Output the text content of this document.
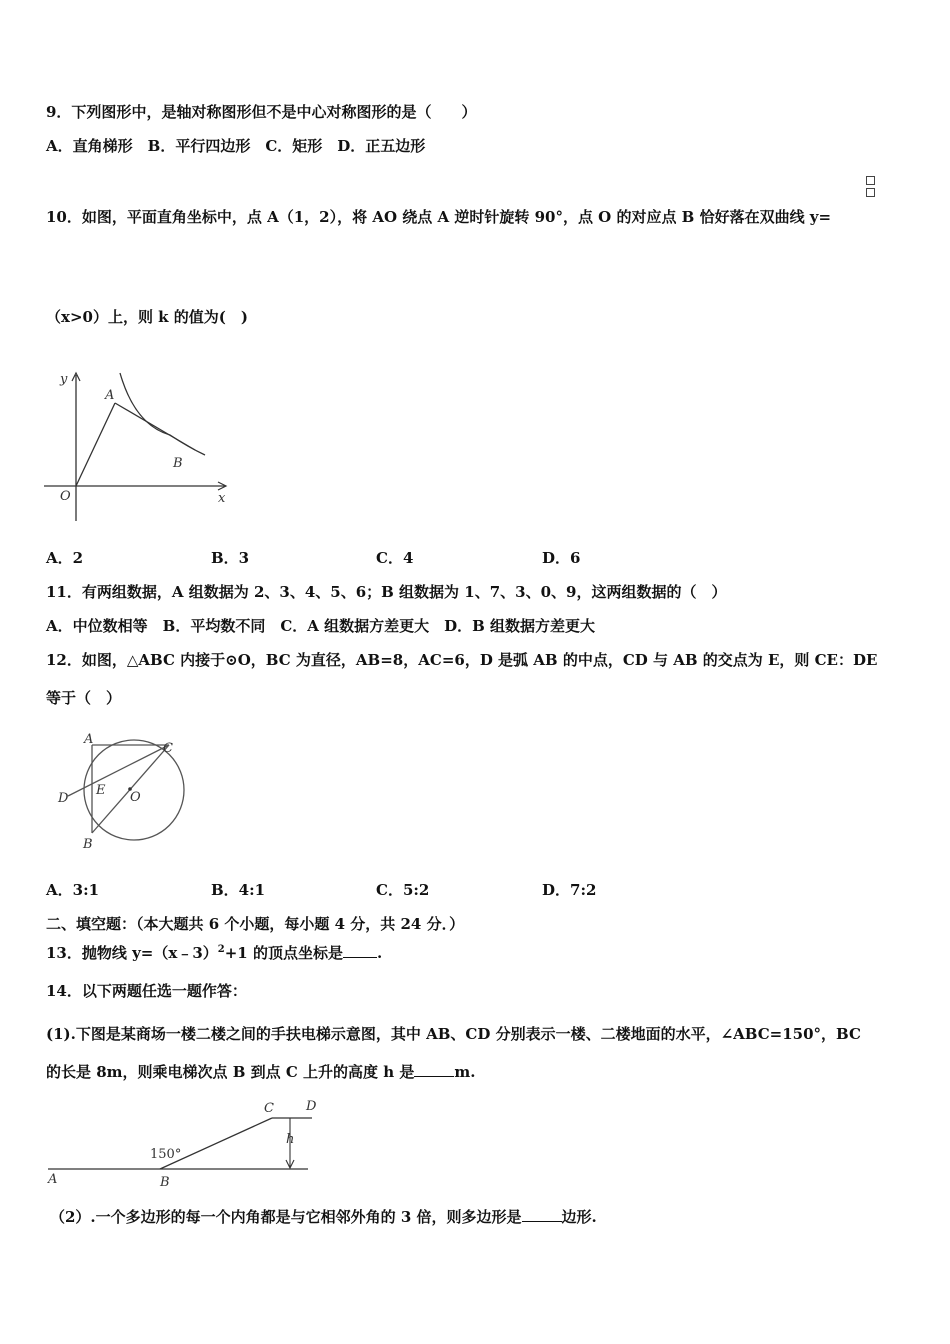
9．下列图形中，是轴对称图形但不是中心对称图形的是（　　）
A．直角梯形　B．平行四边形　C．矩形　D．正五边形
10．如图，平面直角坐标中，点 A（1，2），将 AO 绕点 A 逆时针旋转 90°，点 O 的对应点 B 恰好落在双曲线 y=
（x>0）上，则 k 的值为(　)
y
x
O
A
B
A．2	B．3	C．4	D．6
11．有两组数据，A 组数据为 2、3、4、5、6；B 组数据为 1、7、3、0、9，这两组数据的（　）
A．中位数相等　B．平均数不同　C．A 组数据方差更大　D．B 组数据方差更大
12．如图，△ABC 内接于⊙O，BC 为直径，AB=8，AC=6，D 是弧 AB 的中点，CD 与 AB 的交点为 E，则 CE：DE
等于（　）
A
C
D
E O
B
A．3:1	B．4:1	C．5:2	D．7:2
二、填空题：（本大题共 6 个小题，每小题 4 分，共 24 分．）
13．抛物线 y=（x﹣3）$^2$+1 的顶点坐标是 .
14．以下两题任选一题作答：
(1).下图是某商场一楼二楼之间的手扶电梯示意图，其中 AB、CD 分别表示一楼、二楼地面的水平，∠ABC=150°，BC
的长是 8m，则乘电梯次点 B 到点 C 上升的高度 h 是	m.
A	B
C D
h
150°
（2）.一个多边形的每一个内角都是与它相邻外角的 3 倍，则多边形是	边形.
